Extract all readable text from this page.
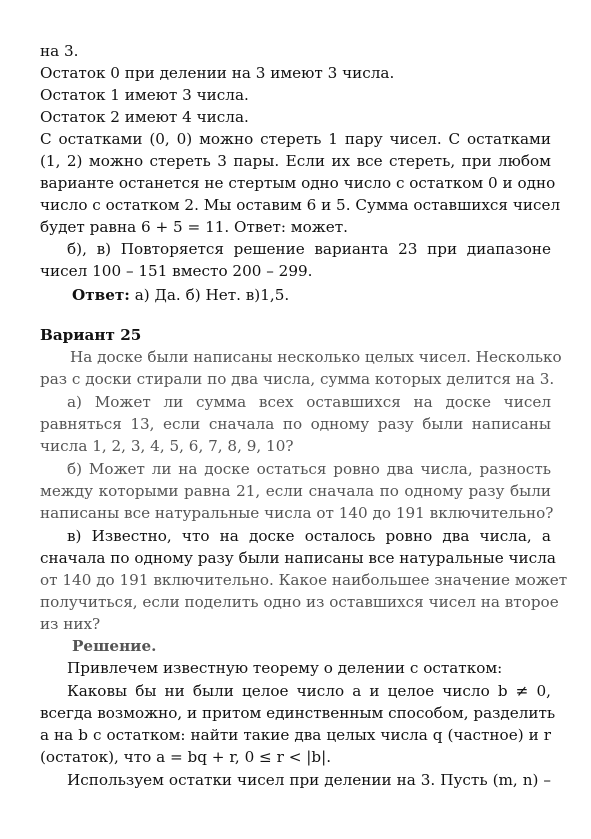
на 3.
Остаток 0 при делении на 3 имеют 3 числа.
Остаток 1 имеют 3 числа.
Остаток 2 имеют 4 числа.
С остатками (0, 0) можно стереть 1 пару чисел. С остатками
(1, 2) можно стереть 3 пары. Если их все стереть, при любом
варианте останется не стертым одно число с остатком 0 и одно
число с остатком 2. Мы оставим 6 и 5. Сумма оставшихся чисел
будет равна 6 + 5 = 11. Ответ: может.
б), в) Повторяется решение варианта 23 при диапазоне
чисел 100 – 151 вместо 200 – 299.
Ответ: а) Да. б) Нет. в)1,5.
Вариант 25
На доске были написаны несколько целых чисел. Несколько
раз с доски стирали по два числа, сумма которых делится на 3.
а) Может ли сумма всех оставшихся на доске чисел
равняться 13, если сначала по одному разу были написаны
числа 1, 2, 3, 4, 5, 6, 7, 8, 9, 10?
б) Может ли на доске остаться ровно два числа, разность
между которыми равна 21, если сначала по одному разу были
написаны все натуральные числа от 140 до 191 включительно?
в) Известно, что на доске осталось ровно два числа, а
сначала по одному разу были написаны все натуральные числа
от 140 до 191 включительно. Какое наибольшее значение может
получиться, если поделить одно из оставшихся чисел на второе
из них?
Решение.
Привлечем известную теорему о делении с остатком:
Каковы бы ни были целое число a и целое число b ≠ 0,
всегда возможно, и притом единственным способом, разделить
a на b с остатком: найти такие два целых числа q (частное) и r
(остаток), что a = bq + r, 0 ≤ r < |b|.
Используем остатки чисел при делении на 3. Пусть (m, n) –
